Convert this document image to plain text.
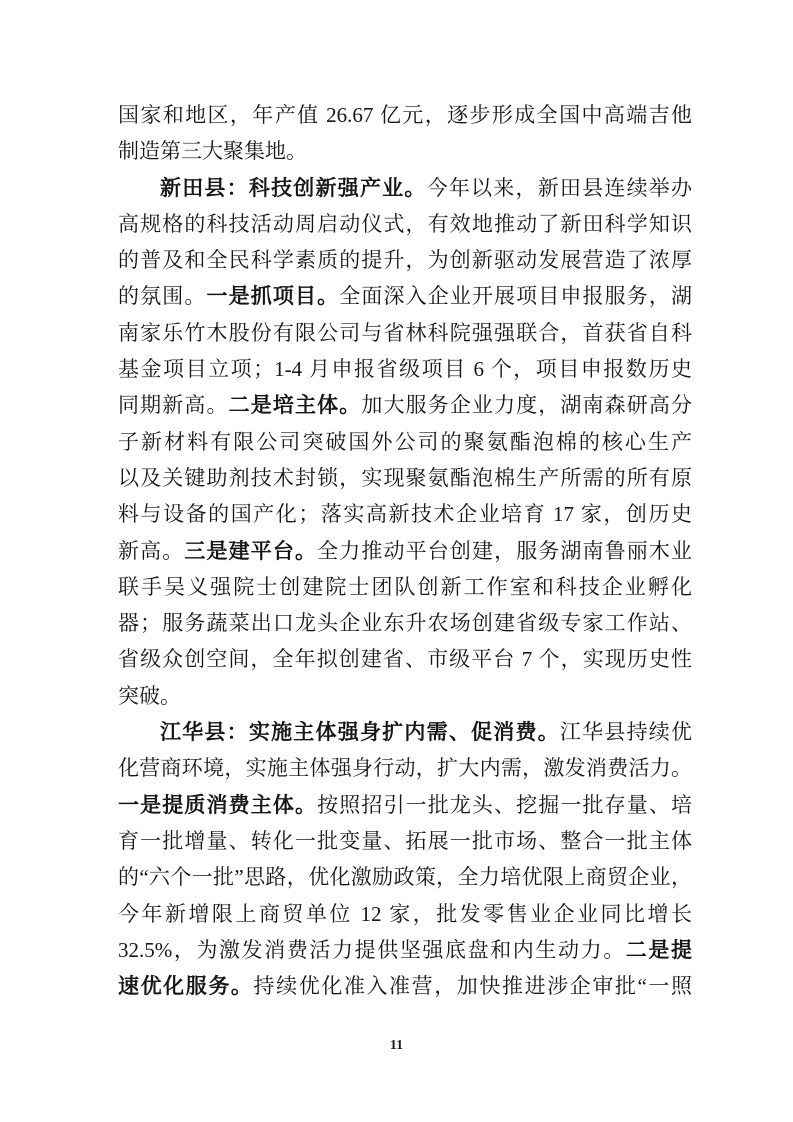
国家和地区，年产值 26.67 亿元，逐步形成全国中高端吉他
制造第三大聚集地。
新田县：科技创新强产业。今年以来，新田县连续举办
高规格的科技活动周启动仪式，有效地推动了新田科学知识
的普及和全民科学素质的提升，为创新驱动发展营造了浓厚
的氛围。一是抓项目。全面深入企业开展项目申报服务，湖
南家乐竹木股份有限公司与省林科院强强联合，首获省自科
基金项目立项；1-4 月申报省级项目 6 个，项目申报数历史
同期新高。二是培主体。加大服务企业力度，湖南森研高分
子新材料有限公司突破国外公司的聚氨酯泡棉的核心生产
以及关键助剂技术封锁，实现聚氨酯泡棉生产所需的所有原
料与设备的国产化；落实高新技术企业培育 17 家，创历史
新高。三是建平台。全力推动平台创建，服务湖南鲁丽木业
联手吴义强院士创建院士团队创新工作室和科技企业孵化
器；服务蔬菜出口龙头企业东升农场创建省级专家工作站、
省级众创空间，全年拟创建省、市级平台 7 个，实现历史性
突破。
江华县：实施主体强身扩内需、促消费。江华县持续优
化营商环境，实施主体强身行动，扩大内需，激发消费活力。
一是提质消费主体。按照招引一批龙头、挖掘一批存量、培
育一批增量、转化一批变量、拓展一批市场、整合一批主体
的“六个一批”思路，优化激励政策，全力培优限上商贸企业，
今年新增限上商贸单位 12 家，批发零售业企业同比增长
32.5%，为激发消费活力提供坚强底盘和内生动力。二是提
速优化服务。持续优化准入准营，加快推进涉企审批“一照
11
